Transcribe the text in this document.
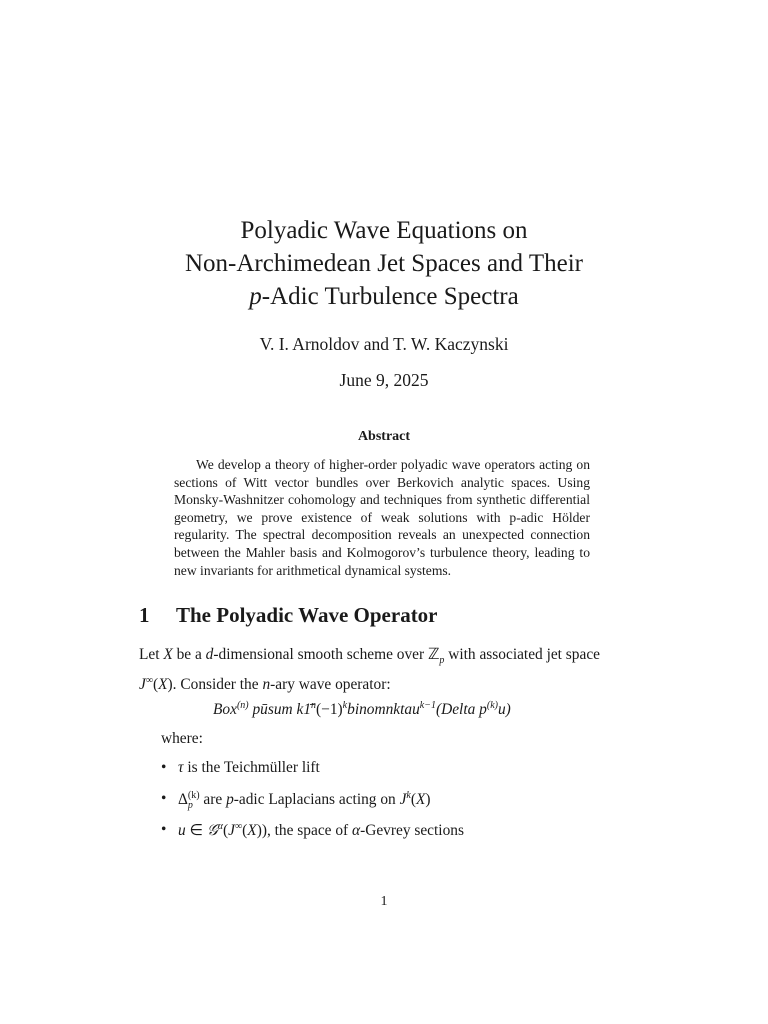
Polyadic Wave Equations on
Non-Archimedean Jet Spaces and Their
p-Adic Turbulence Spectra
V. I. Arnoldov and T. W. Kaczynski
June 9, 2025
Abstract

We develop a theory of higher-order polyadic wave operators acting on sections of Witt vector bundles over Berkovich analytic spaces. Using Monsky-Washnitzer cohomology and techniques from synthetic differential geometry, we prove existence of weak solutions with p-adic Hölder regularity. The spectral decomposition reveals an unexpected connection between the Mahler basis and Kolmogorov’s turbulence theory, leading to new invariants for arithmetical dynamical systems.

1 The Polyadic Wave Operator

Let X be a d-dimensional smooth scheme over ℤ$_p$ with associated jet space J∞(X). Consider the n-ary wave operator:

Box$^{(n)}$ pūsum $k1̄^n(-1)^kbinomnktau^{k-1}(Delta$ $p^{(k)}u$)
where:
• τ is the Teichmüller lift
• Δ (k)
p are p-adic Laplacians acting on $J^k(X)$
• u ∈ 𝒢$^\alpha$(J∞(X)), the space of α-Gevrey sections
1
